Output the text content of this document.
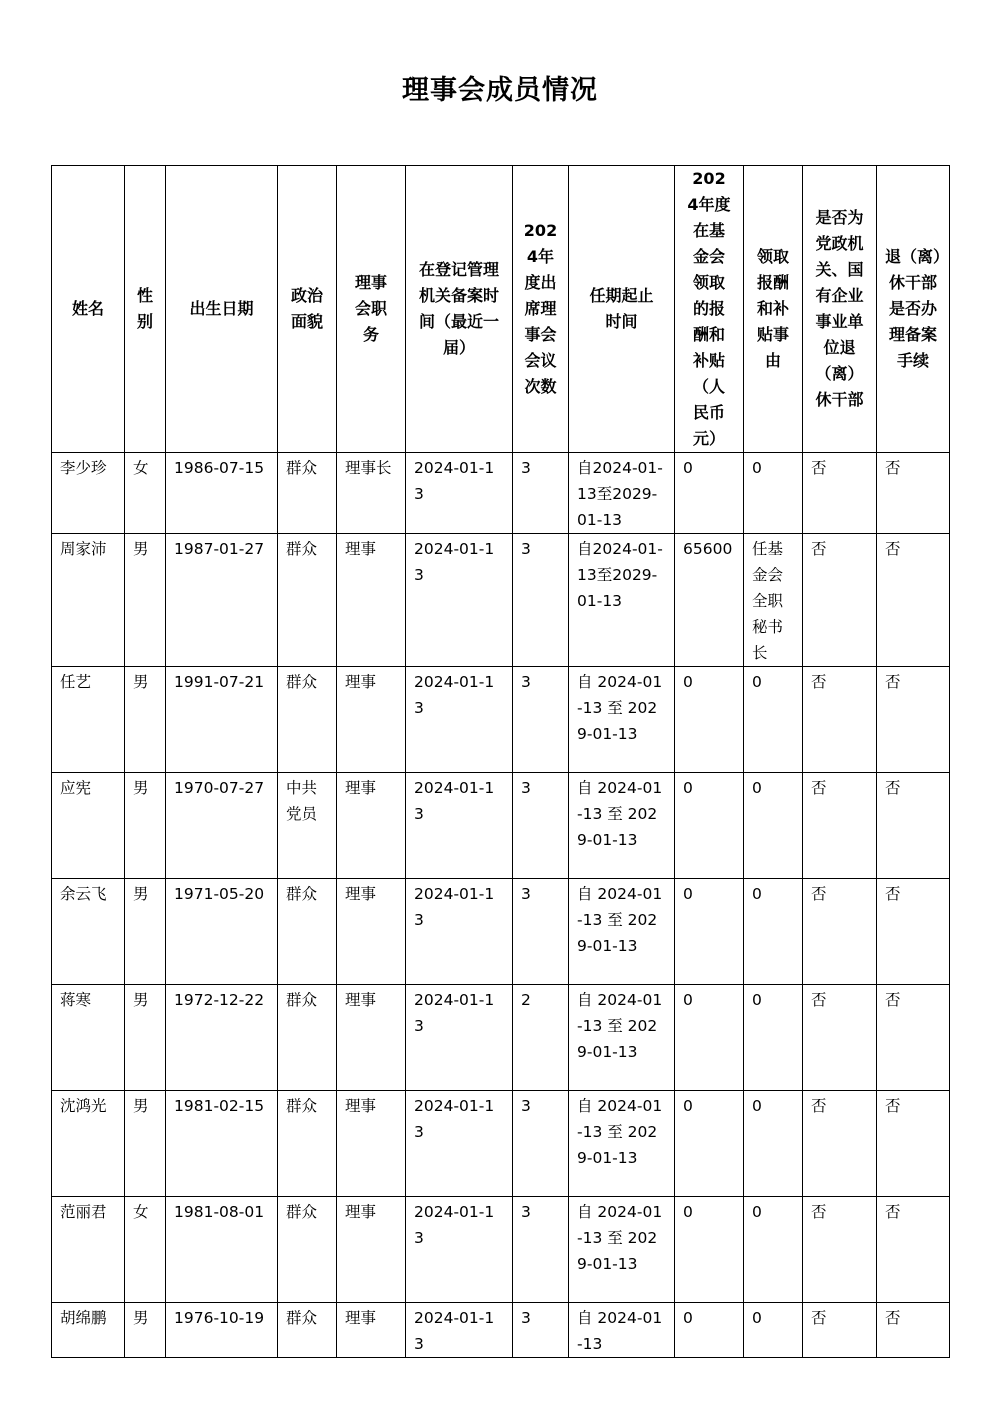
理事会成员情况
姓名	性别	出生日期	政治面貌	理事会职务	在登记管理机关备案时间（最近一届）	2024年度出席理事会会议次数	任期起止时间	2024年度在基金会领取的报酬和补贴（人民币元）	领取报酬和补贴事由	是否为党政机关、国有企业事业单位退（离）休干部	退（离）休干部是否办理备案手续

李少珍	女	1986-07-15	群众	理事长	2024-01-13	3	自2024-01-13至2029-01-13	0	0	否	否
周家沛	男	1987-01-27	群众	理事	2024-01-13	3	自2024-01-13至2029-01-13	65600	任基金会全职秘书长	否	否
任艺	男	1991-07-21	群众	理事	2024-01-13	3	自 2024-01-13 至 2029-01-13	0	0	否	否
应宪	男	1970-07-27	中共党员	理事	2024-01-13	3	自 2024-01-13 至 2029-01-13	0	0	否	否
余云飞	男	1971-05-20	群众	理事	2024-01-13	3	自 2024-01-13 至 2029-01-13	0	0	否	否
蒋寒	男	1972-12-22	群众	理事	2024-01-13	2	自 2024-01-13 至 2029-01-13	0	0	否	否
沈鸿光	男	1981-02-15	群众	理事	2024-01-13	3	自 2024-01-13 至 2029-01-13	0	0	否	否
范丽君	女	1981-08-01	群众	理事	2024-01-13	3	自 2024-01-13 至 2029-01-13	0	0	否	否
胡绵鹏	男	1976-10-19	群众	理事	2024-01-13	3	自 2024-01-13	0	0	否	否
